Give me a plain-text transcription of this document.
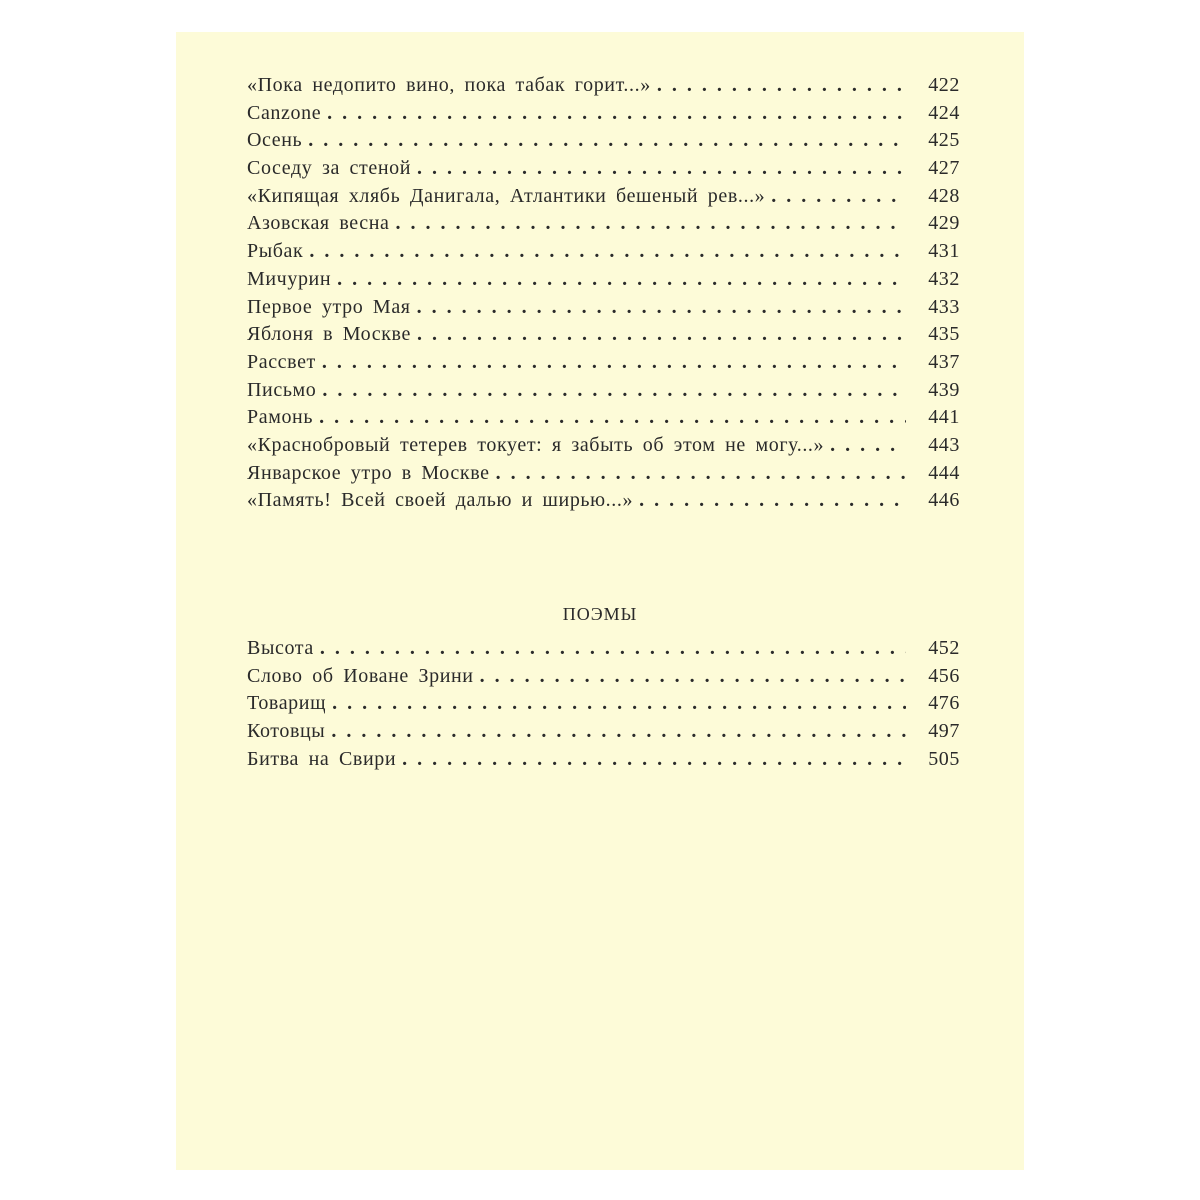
«Пока недопито вино, пока табак горит...» . .	422
Canzone . .	424
Осень . .	425
Соседу за стеной . .	427
«Кипящая хлябь Данигала, Атлантики бешеный рев...» . .	428
Азовская весна . .	429
Рыбак . .	431
Мичурин . .	432
Первое утро Мая . .	433
Яблоня в Москве . .	435
Рассвет . .	437
Письмо . .	439
Рамонь . .	441
«Краснобровый тетерев токует: я забыть об этом не могу...» . .	443
Январское утро в Москве . .	444
«Память! Всей своей далью и ширью...» . .	446
ПОЭМЫ
Высота . .	452
Слово об Иоване Зрини . .	456
Товарищ . .	476
Котовцы . .	497
Битва на Свири . .	505
